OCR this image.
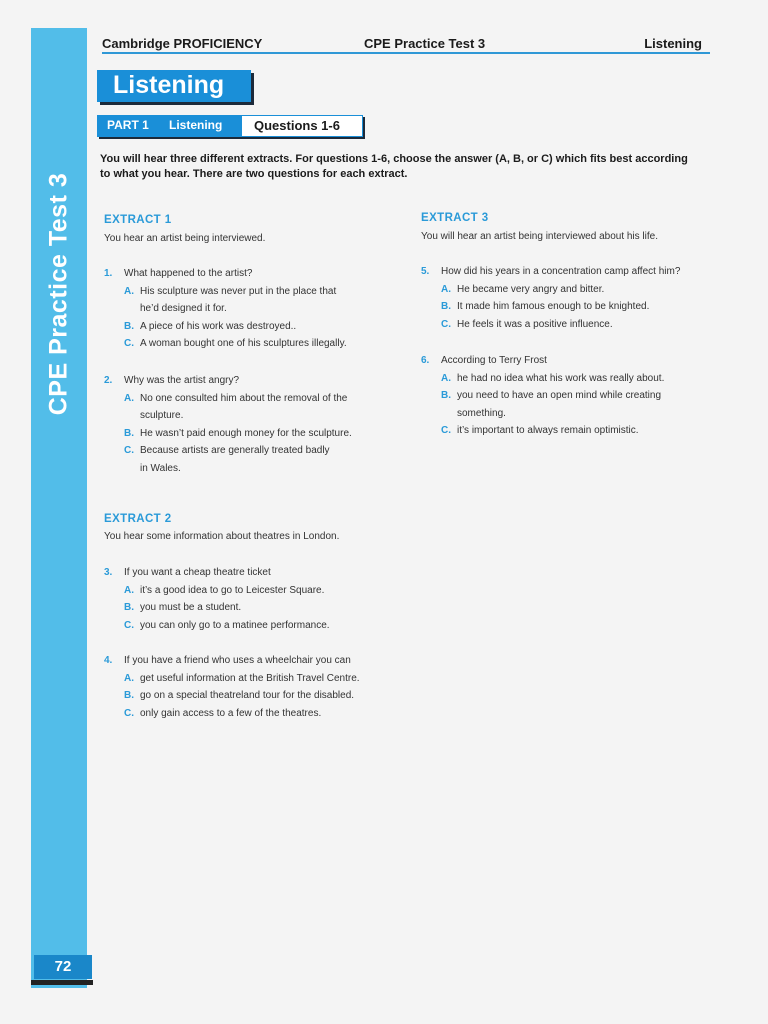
CPE Practice Test 3
72
Cambridge PROFICIENCY	CPE Practice Test 3	Listening
Listening
PART 1 Listening Questions 1-6
You will hear three different extracts. For questions 1-6, choose the answer (A, B, or C) which fits best according to what you hear. There are two questions for each extract.
EXTRACT 1
You hear an artist being interviewed.
1. What happened to the artist?
A. His sculpture was never put in the place that
he’d designed it for.
B. A piece of his work was destroyed..
C. A woman bought one of his sculptures illegally.
2. Why was the artist angry?
A. No one consulted him about the removal of the
sculpture.
B. He wasn’t paid enough money for the sculpture.
C. Because artists are generally treated badly
in Wales.
EXTRACT 2
You hear some information about theatres in London.
3. If you want a cheap theatre ticket
A. it’s a good idea to go to Leicester Square.
B. you must be a student.
C. you can only go to a matinee performance.
4. If you have a friend who uses a wheelchair you can
A. get useful information at the British Travel Centre.
B. go on a special theatreland tour for the disabled.
C. only gain access to a few of the theatres.
EXTRACT 3
You will hear an artist being interviewed about his life.
5. How did his years in a concentration camp affect him?
A. He became very angry and bitter.
B. It made him famous enough to be knighted.
C. He feels it was a positive influence.
6. According to Terry Frost
A. he had no idea what his work was really about.
B. you need to have an open mind while creating
something.
C. it’s important to always remain optimistic.
